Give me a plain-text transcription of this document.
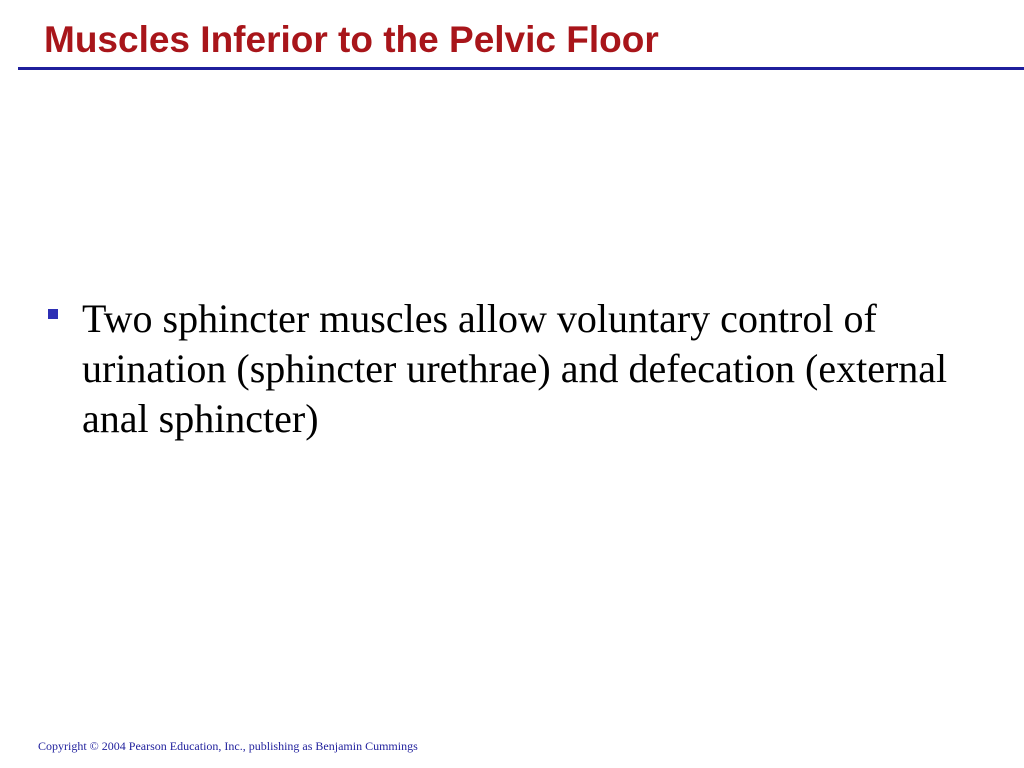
Muscles Inferior to the Pelvic Floor
Two sphincter muscles allow voluntary control of urination (sphincter urethrae) and defecation (external anal sphincter)
Copyright © 2004 Pearson Education, Inc., publishing as Benjamin Cummings
